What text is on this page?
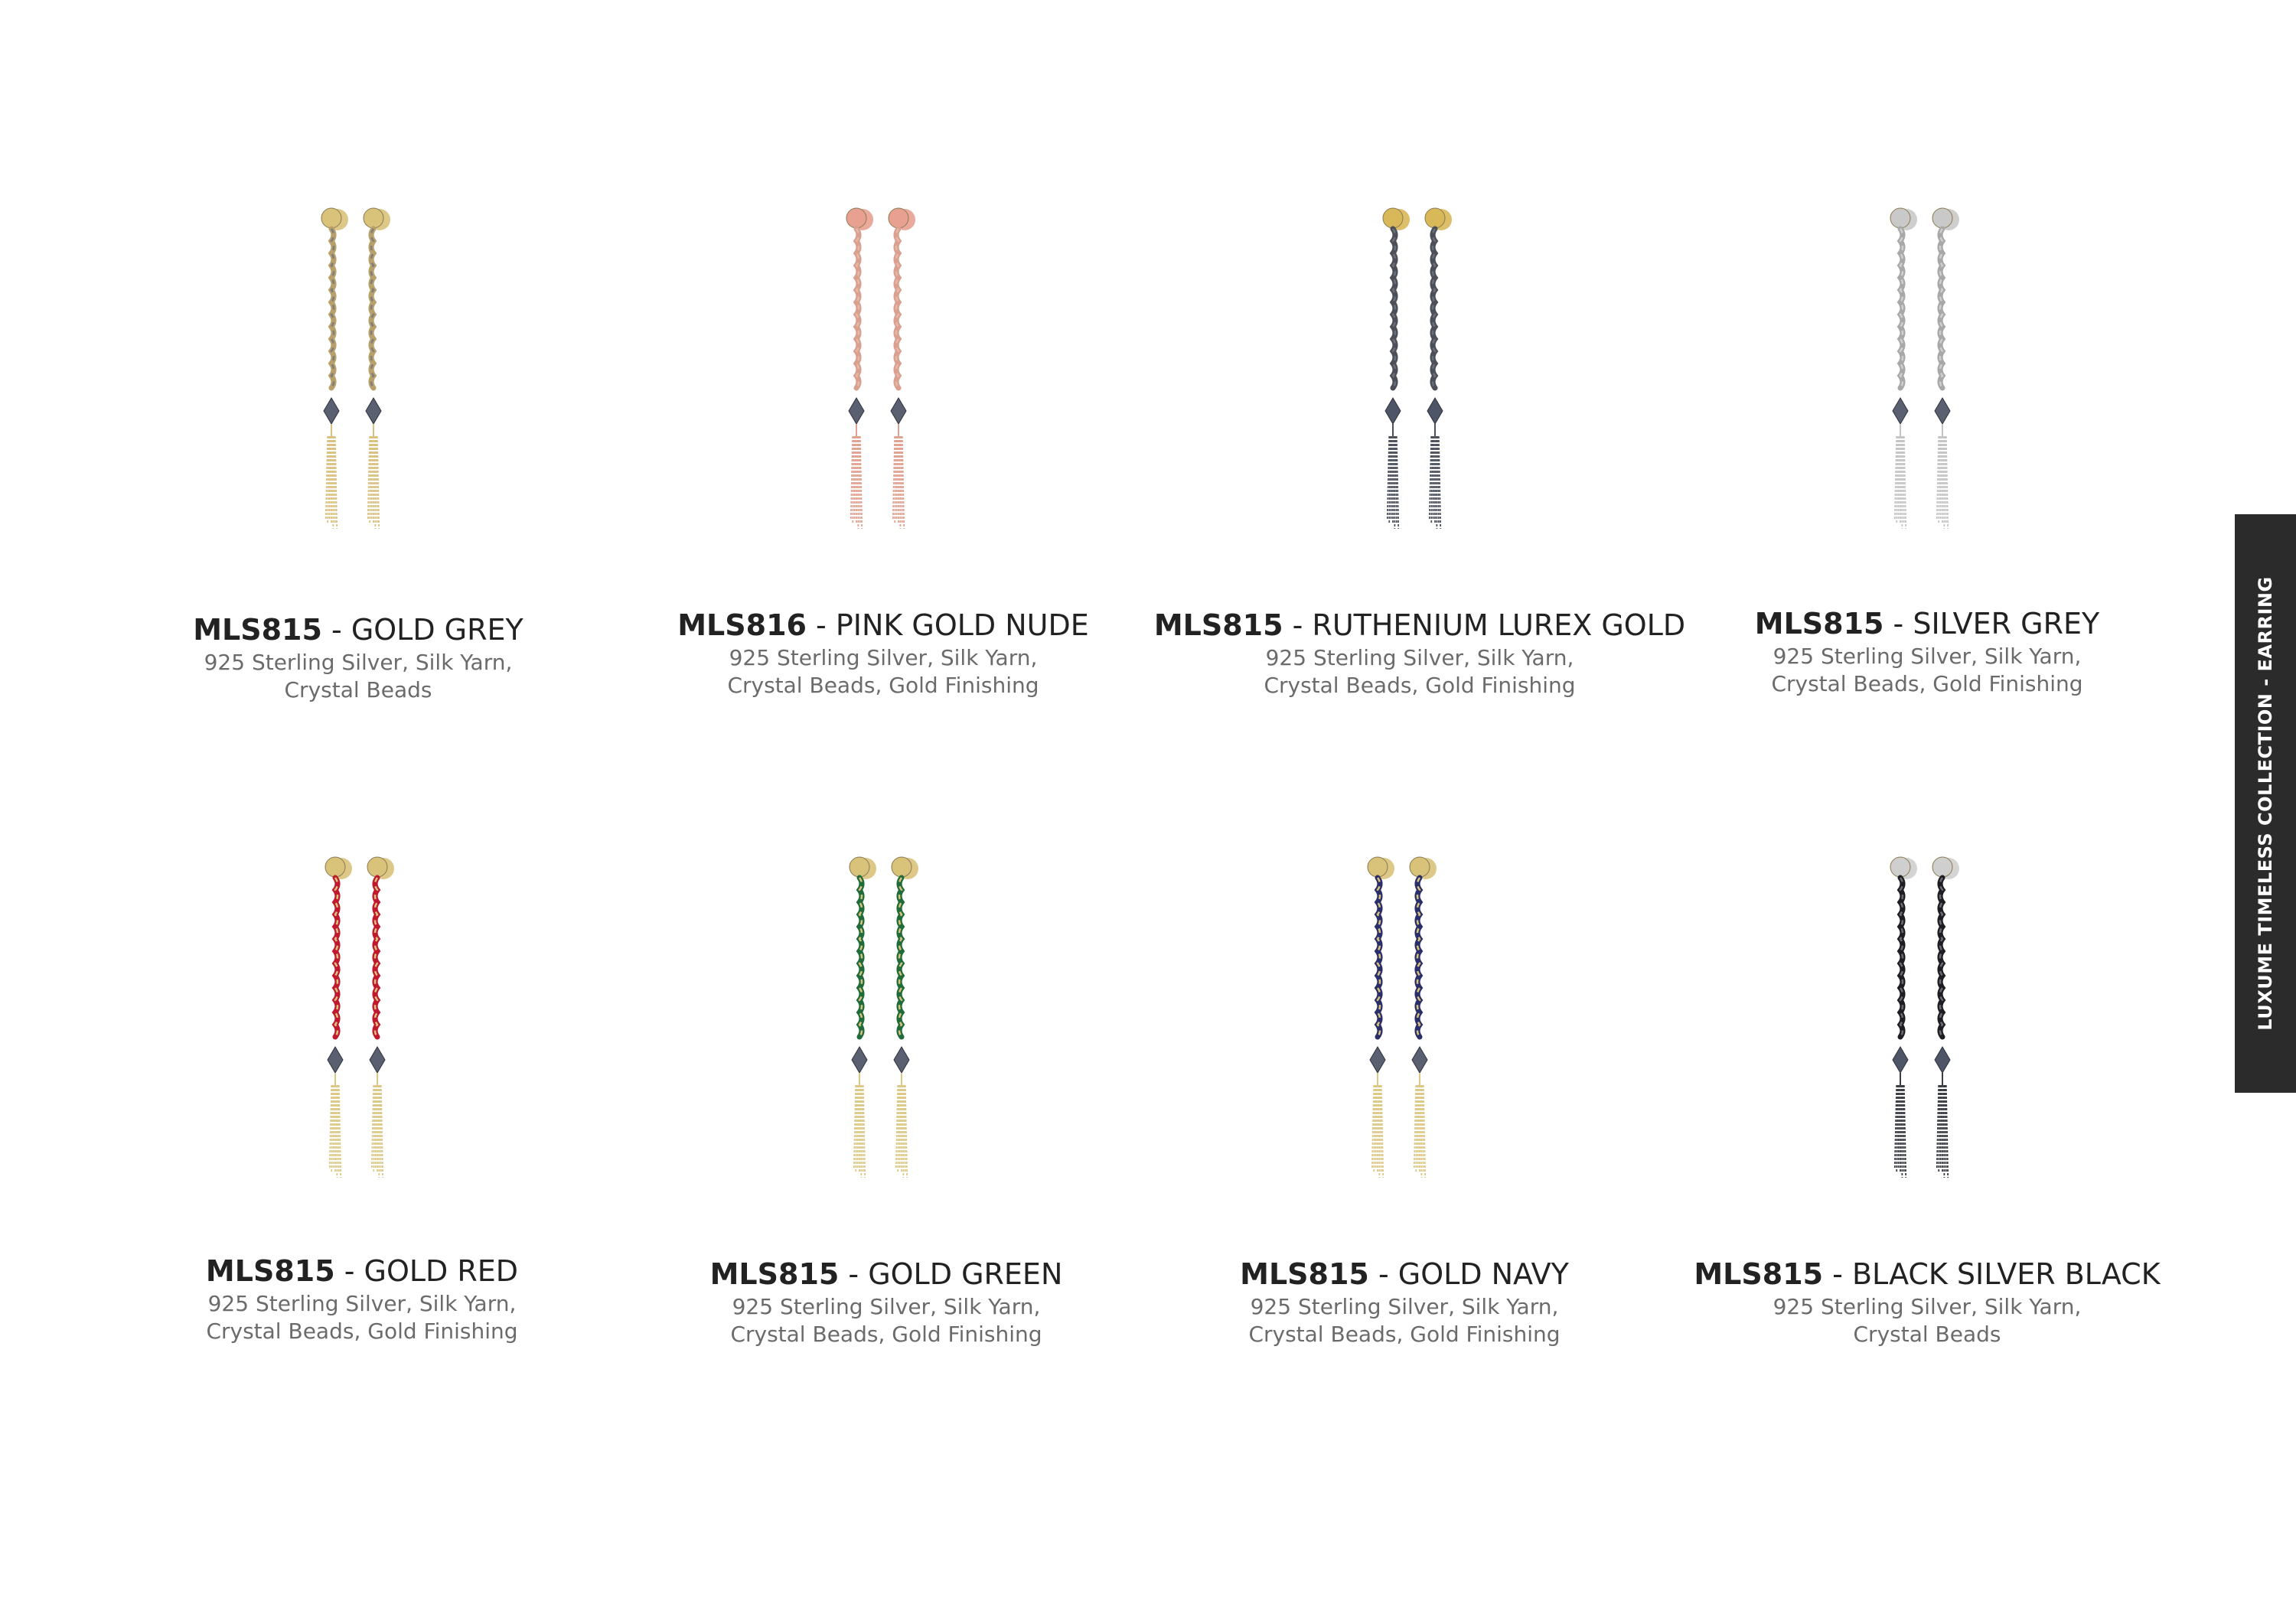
MLS815 - GOLD GREY
925 Sterling Silver, Silk Yarn,
Crystal Beads
MLS816 - PINK GOLD NUDE
925 Sterling Silver, Silk Yarn,
Crystal Beads, Gold Finishing
MLS815 - RUTHENIUM LUREX GOLD
925 Sterling Silver, Silk Yarn,
Crystal Beads, Gold Finishing
MLS815 - SILVER GREY
925 Sterling Silver, Silk Yarn,
Crystal Beads, Gold Finishing
MLS815 - GOLD RED
925 Sterling Silver, Silk Yarn,
Crystal Beads, Gold Finishing
MLS815 - GOLD GREEN
925 Sterling Silver, Silk Yarn,
Crystal Beads, Gold Finishing
MLS815 - GOLD NAVY
925 Sterling Silver, Silk Yarn,
Crystal Beads, Gold Finishing
MLS815 - BLACK SILVER BLACK
925 Sterling Silver, Silk Yarn,
Crystal Beads
LUXUME TIMELESS COLLECTION - EARRING
